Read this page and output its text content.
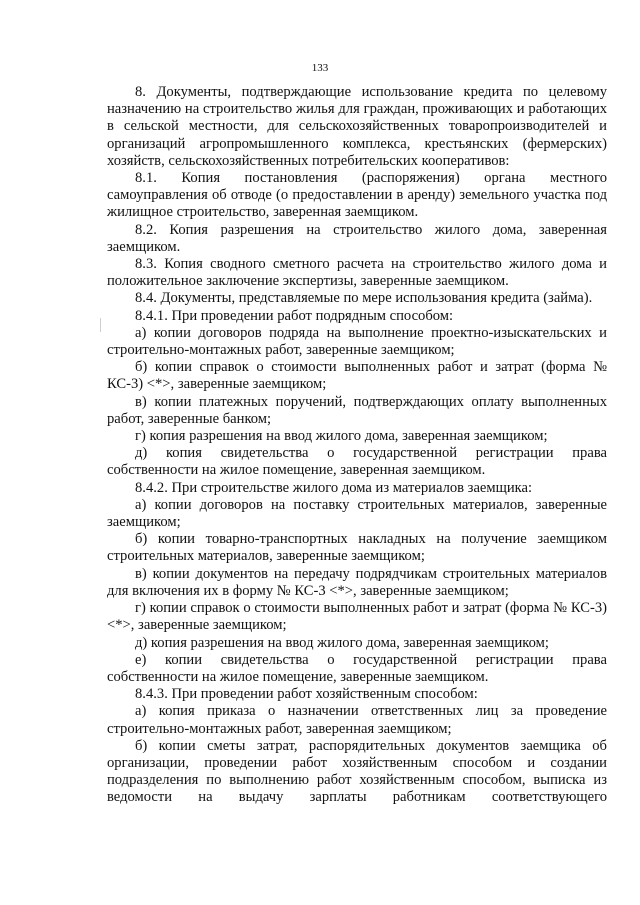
133

8. Документы, подтверждающие использование кредита по целевому назначению на строительство жилья для граждан, проживающих и работающих в сельской местности, для сельскохозяйственных товаропроизводителей и организаций агропромышленного комплекса, крестьянских (фермерских) хозяйств, сельскохозяйственных потребительских кооперативов:

8.1. Копия постановления (распоряжения) органа местного самоуправления об отводе (о предоставлении в аренду) земельного участка под жилищное строительство, заверенная заемщиком.

8.2. Копия разрешения на строительство жилого дома, заверенная заемщиком.

8.3. Копия сводного сметного расчета на строительство жилого дома и положительное заключение экспертизы, заверенные заемщиком.

8.4. Документы, представляемые по мере использования кредита (займа).

8.4.1. При проведении работ подрядным способом:

а) копии договоров подряда на выполнение проектно-изыскательских и строительно-монтажных работ, заверенные заемщиком;

б) копии справок о стоимости выполненных работ и затрат (форма № КС-3) <*>, заверенные заемщиком;

в) копии платежных поручений, подтверждающих оплату выполненных работ, заверенные банком;

г) копия разрешения на ввод жилого дома, заверенная заемщиком;

д) копия свидетельства о государственной регистрации права собственности на жилое помещение, заверенная заемщиком.

8.4.2. При строительстве жилого дома из материалов заемщика:

а) копии договоров на поставку строительных материалов, заверенные заемщиком;

б) копии товарно-транспортных накладных на получение заемщиком строительных материалов, заверенные заемщиком;

в) копии документов на передачу подрядчикам строительных материалов для включения их в форму № КС-3 <*>, заверенные заемщиком;

г) копии справок о стоимости выполненных работ и затрат (форма № КС-3) <*>, заверенные заемщиком;

д) копия разрешения на ввод жилого дома, заверенная заемщиком;

е) копии свидетельства о государственной регистрации права собственности на жилое помещение, заверенные заемщиком.

8.4.3. При проведении работ хозяйственным способом:

а) копия приказа о назначении ответственных лиц за проведение строительно-монтажных работ, заверенная заемщиком;

б) копии сметы затрат, распорядительных документов заемщика об организации, проведении работ хозяйственным способом и создании подразделения по выполнению работ хозяйственным способом, выписка из ведомости на выдачу зарплаты работникам соответствующего
